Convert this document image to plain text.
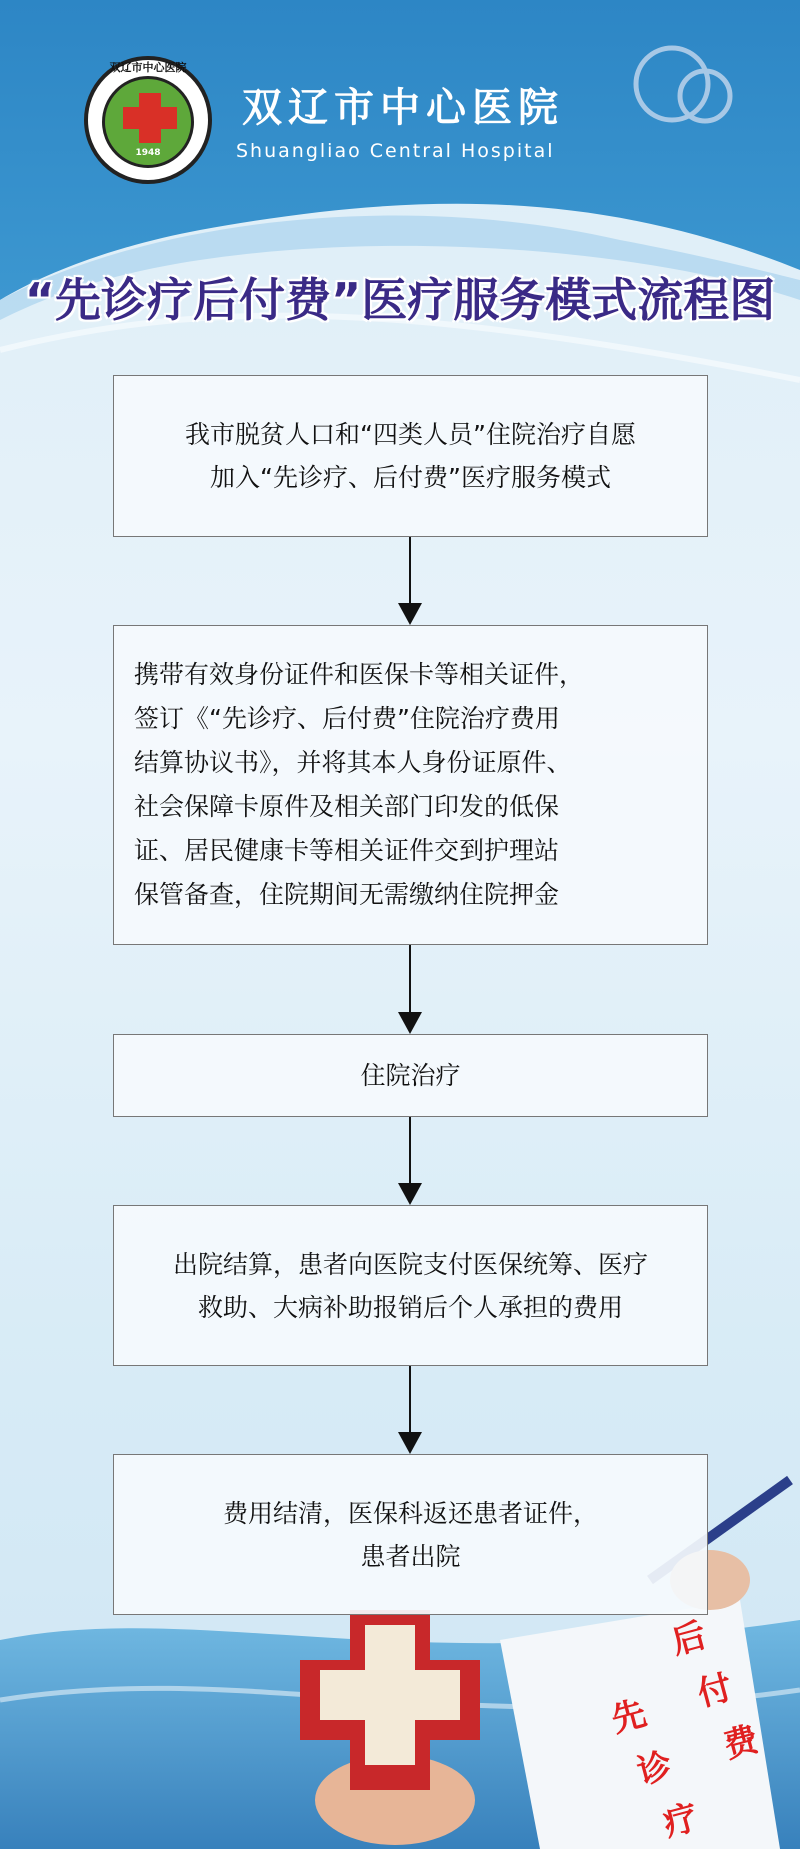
双辽市中心医院
1948
双辽市中心医院
Shuangliao Central Hospital
“先诊疗后付费”医疗服务模式流程图
我市脱贫人口和“四类人员”住院治疗自愿
加入“先诊疗、后付费”医疗服务模式
携带有效身份证件和医保卡等相关证件，
签订《“先诊疗、后付费”住院治疗费用
结算协议书》，并将其本人身份证原件、
社会保障卡原件及相关部门印发的低保
证、居民健康卡等相关证件交到护理站
保管备查，住院期间无需缴纳住院押金
住院治疗
出院结算，患者向医院支付医保统筹、医疗
救助、大病补助报销后个人承担的费用
费用结清，医保科返还患者证件，
患者出院
先
诊
疗
后
付
费
